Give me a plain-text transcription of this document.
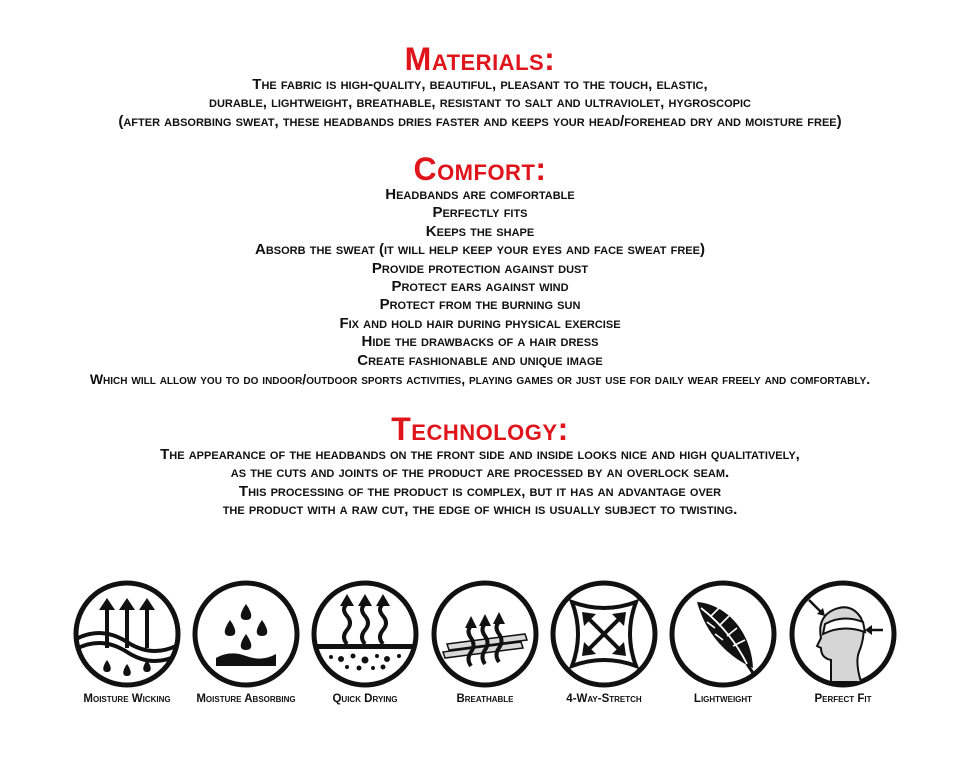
Materials:
The fabric is high-quality, beautiful, pleasant to the touch, elastic,
durable, lightweight, breathable, resistant to salt and ultraviolet, hygroscopic
(after absorbing sweat, these headbands dries faster and keeps your head/forehead dry and moisture free)
Comfort:
Headbands are comfortable
Perfectly fits
Keeps the shape
Absorb the sweat (it will help keep your eyes and face sweat free)
Provide protection against dust
Protect ears against wind
Protect from the burning sun
Fix and hold hair during physical exercise
Hide the drawbacks of a hair dress
Create fashionable and unique image
Which will allow you to do indoor/outdoor sports activities, playing games or just use for daily wear freely and comfortably.
Technology:
The appearance of the headbands on the front side and inside looks nice and high qualitatively,
as the cuts and joints of the product are processed by an overlock seam.
This processing of the product is complex, but it has an advantage over
the product with a raw cut, the edge of which is usually subject to twisting.
Moisture Wicking	Moisture Absorbing	Quick Drying	Breathable	4-Way-Stretch	Lightweight	Perfect Fit
